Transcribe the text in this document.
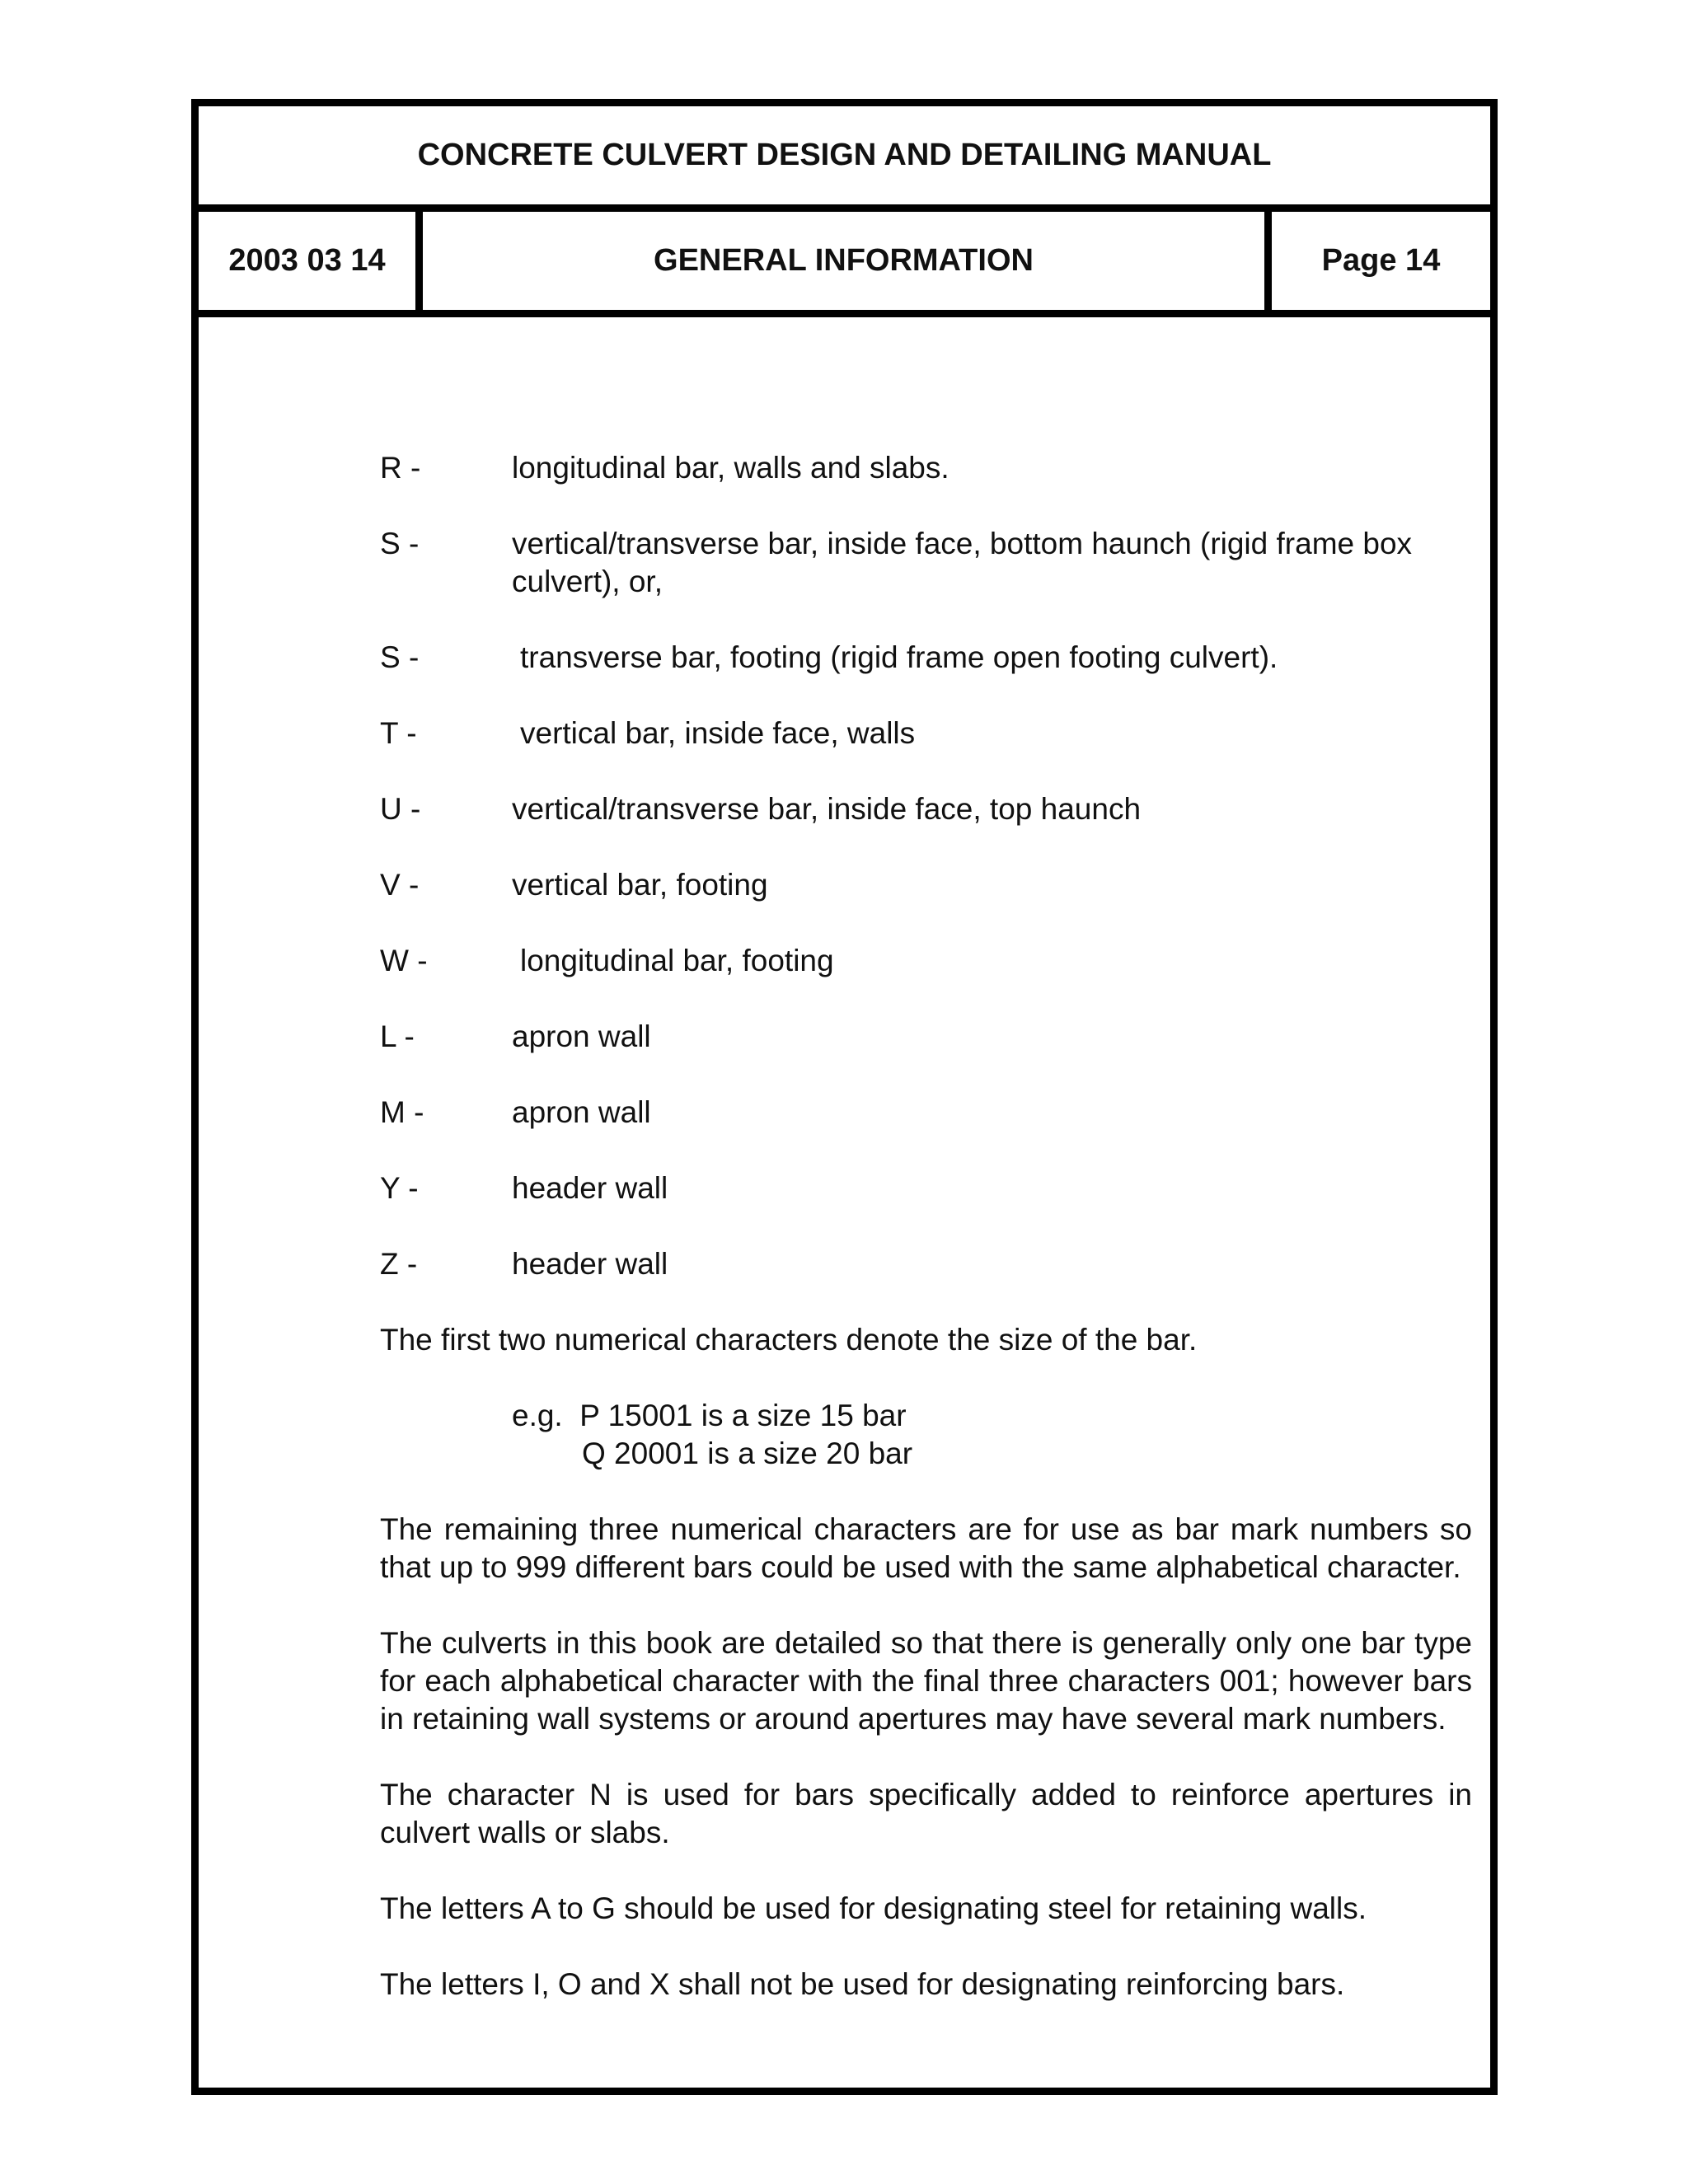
CONCRETE CULVERT DESIGN AND DETAILING MANUAL
2003 03 14	GENERAL INFORMATION	Page 14
R -	longitudinal bar, walls and slabs.
S -	vertical/transverse bar, inside face, bottom haunch (rigid frame box culvert), or,
S -	transverse bar, footing (rigid frame open footing culvert).
T -	vertical bar, inside face, walls
U -	vertical/transverse bar, inside face, top haunch
V -	vertical bar, footing
W -	longitudinal bar, footing
L -	apron wall
M -	apron wall
Y -	header wall
Z -	header wall

The first two numerical characters denote the size of the bar.

e.g.  P 15001 is a size 15 bar
Q 20001 is a size 20 bar

The remaining three numerical characters are for use as bar mark numbers so that up to 999 different bars could be used with the same alphabetical character.

The culverts in this book are detailed so that there is generally only one bar type for each alphabetical character with the final three characters 001; however bars in retaining wall systems or around apertures may have several mark numbers.

The character N is used for bars specifically added to reinforce apertures in culvert walls or slabs.

The letters A to G should be used for designating steel for retaining walls.

The letters I, O and X shall not be used for designating reinforcing bars.
